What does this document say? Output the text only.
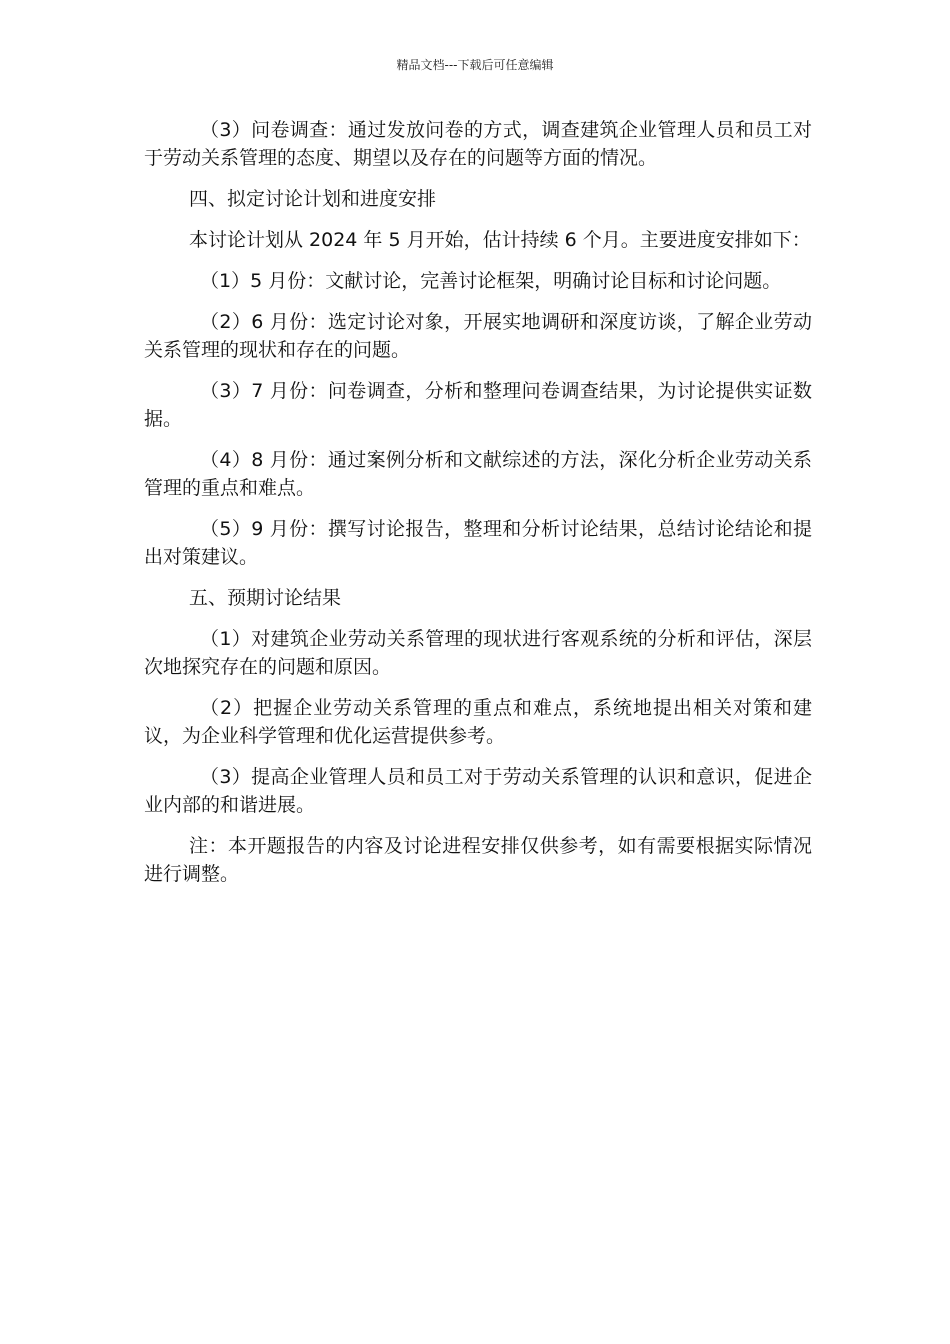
精品文档---下载后可任意编辑

（3）问卷调查：通过发放问卷的方式，调查建筑企业管理人员和员工对于劳动关系管理的态度、期望以及存在的问题等方面的情况。

四、拟定讨论计划和进度安排

本讨论计划从 2024 年 5 月开始，估计持续 6 个月。主要进度安排如下：

（1）5 月份：文献讨论，完善讨论框架，明确讨论目标和讨论问题。

（2）6 月份：选定讨论对象，开展实地调研和深度访谈，了解企业劳动关系管理的现状和存在的问题。

（3）7 月份：问卷调查，分析和整理问卷调查结果，为讨论提供实证数据。

（4）8 月份：通过案例分析和文献综述的方法，深化分析企业劳动关系管理的重点和难点。

（5）9 月份：撰写讨论报告，整理和分析讨论结果，总结讨论结论和提出对策建议。

五、预期讨论结果

（1）对建筑企业劳动关系管理的现状进行客观系统的分析和评估，深层次地探究存在的问题和原因。

（2）把握企业劳动关系管理的重点和难点，系统地提出相关对策和建议，为企业科学管理和优化运营提供参考。

（3）提高企业管理人员和员工对于劳动关系管理的认识和意识，促进企业内部的和谐进展。

注：本开题报告的内容及讨论进程安排仅供参考，如有需要根据实际情况进行调整。
